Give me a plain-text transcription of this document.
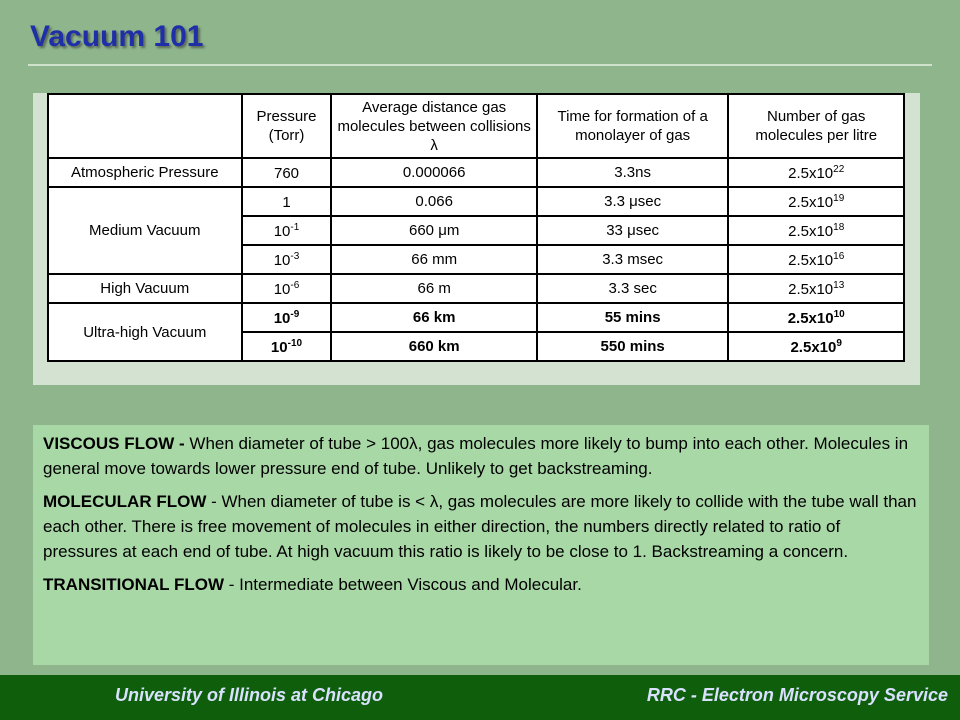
Vacuum 101
	Pressure (Torr)	Average distance gas molecules between collisions λ	Time for formation of a monolayer of gas	Number of gas molecules per litre
Atmospheric Pressure	760	0.000066	3.3ns	$2.5x10^{22}$
Medium Vacuum	1	0.066	3.3 μsec	$2.5x10^{19}$
	$10^{-1}$	660 μm	33 μsec	$2.5x10^{18}$
	$10^{-3}$	66 mm	3.3 msec	$2.5x10^{16}$
High Vacuum	$10^{-6}$	66 m	3.3 sec	$2.5x10^{13}$
Ultra-high Vacuum	$10^{-9}$	66 km	55 mins	$2.5x10^{10}$
	$10^{-10}$	660 km	550 mins	$2.5x10^9$

VISCOUS FLOW - When diameter of tube > 100λ, gas molecules more likely to bump into each other. Molecules in general move towards lower pressure end of tube. Unlikely to get backstreaming.

MOLECULAR FLOW - When diameter of tube is < λ, gas molecules are more likely to collide with the tube wall than each other. There is free movement of molecules in either direction, the numbers directly related to ratio of pressures at each end of tube. At high vacuum this ratio is likely to be close to 1. Backstreaming a concern.

TRANSITIONAL FLOW - Intermediate between Viscous and Molecular.

University of Illinois at Chicago	RRC - Electron Microscopy Service
